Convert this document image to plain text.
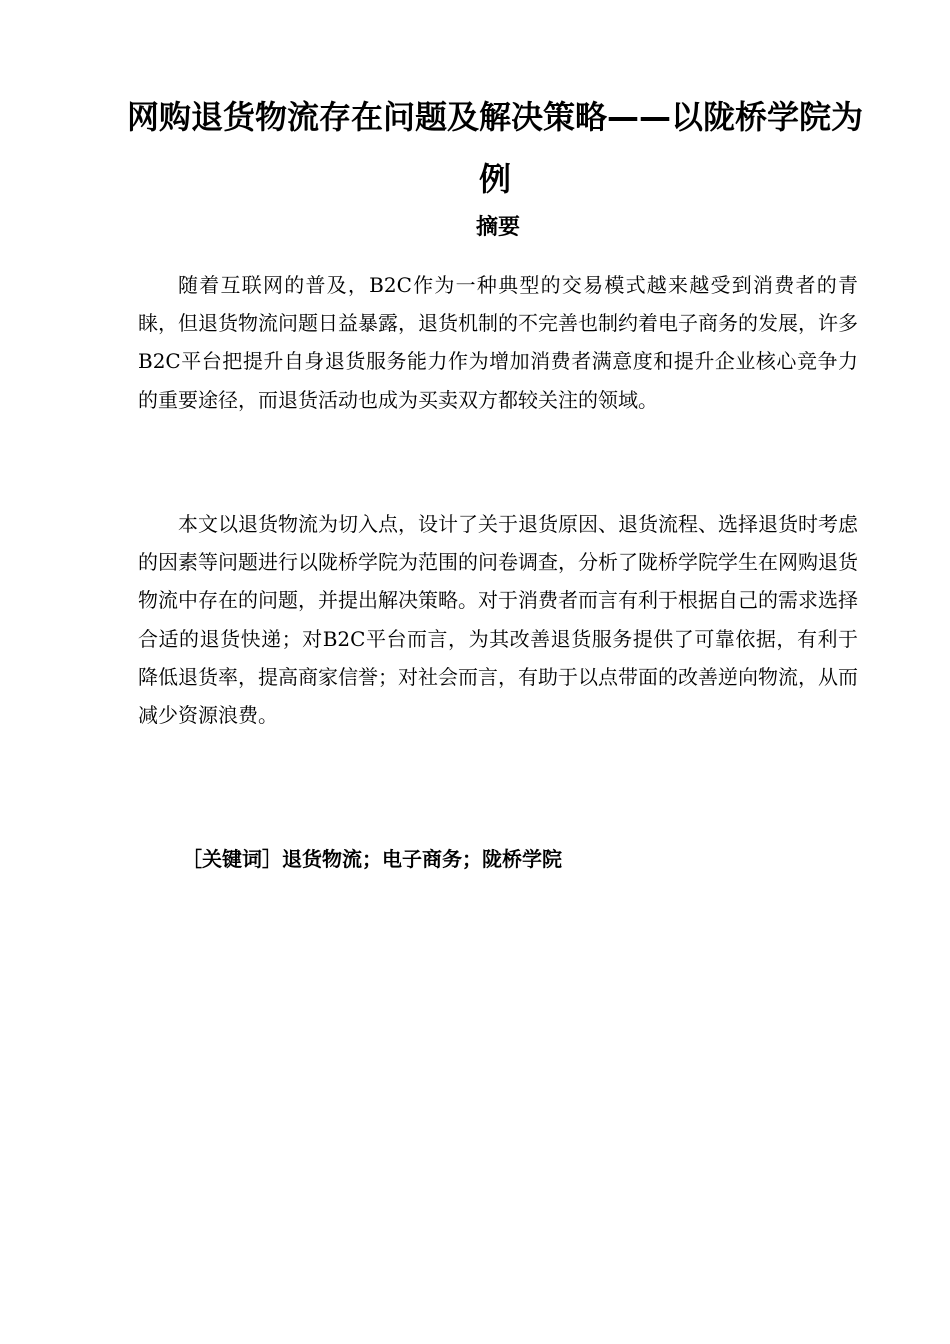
网购退货物流存在问题及解决策略——以陇桥学院为例
摘要

随着互联网的普及，B2C作为一种典型的交易模式越来越受到消费者的青睐，但退货物流问题日益暴露，退货机制的不完善也制约着电子商务的发展，许多B2C平台把提升自身退货服务能力作为增加消费者满意度和提升企业核心竞争力的重要途径，而退货活动也成为买卖双方都较关注的领域。

本文以退货物流为切入点，设计了关于退货原因、退货流程、选择退货时考虑的因素等问题进行以陇桥学院为范围的问卷调查，分析了陇桥学院学生在网购退货物流中存在的问题，并提出解决策略。对于消费者而言有利于根据自己的需求选择合适的退货快递；对B2C平台而言，为其改善退货服务提供了可靠依据，有利于降低退货率，提高商家信誉；对社会而言，有助于以点带面的改善逆向物流，从而减少资源浪费。

［关键词］退货物流；电子商务；陇桥学院
